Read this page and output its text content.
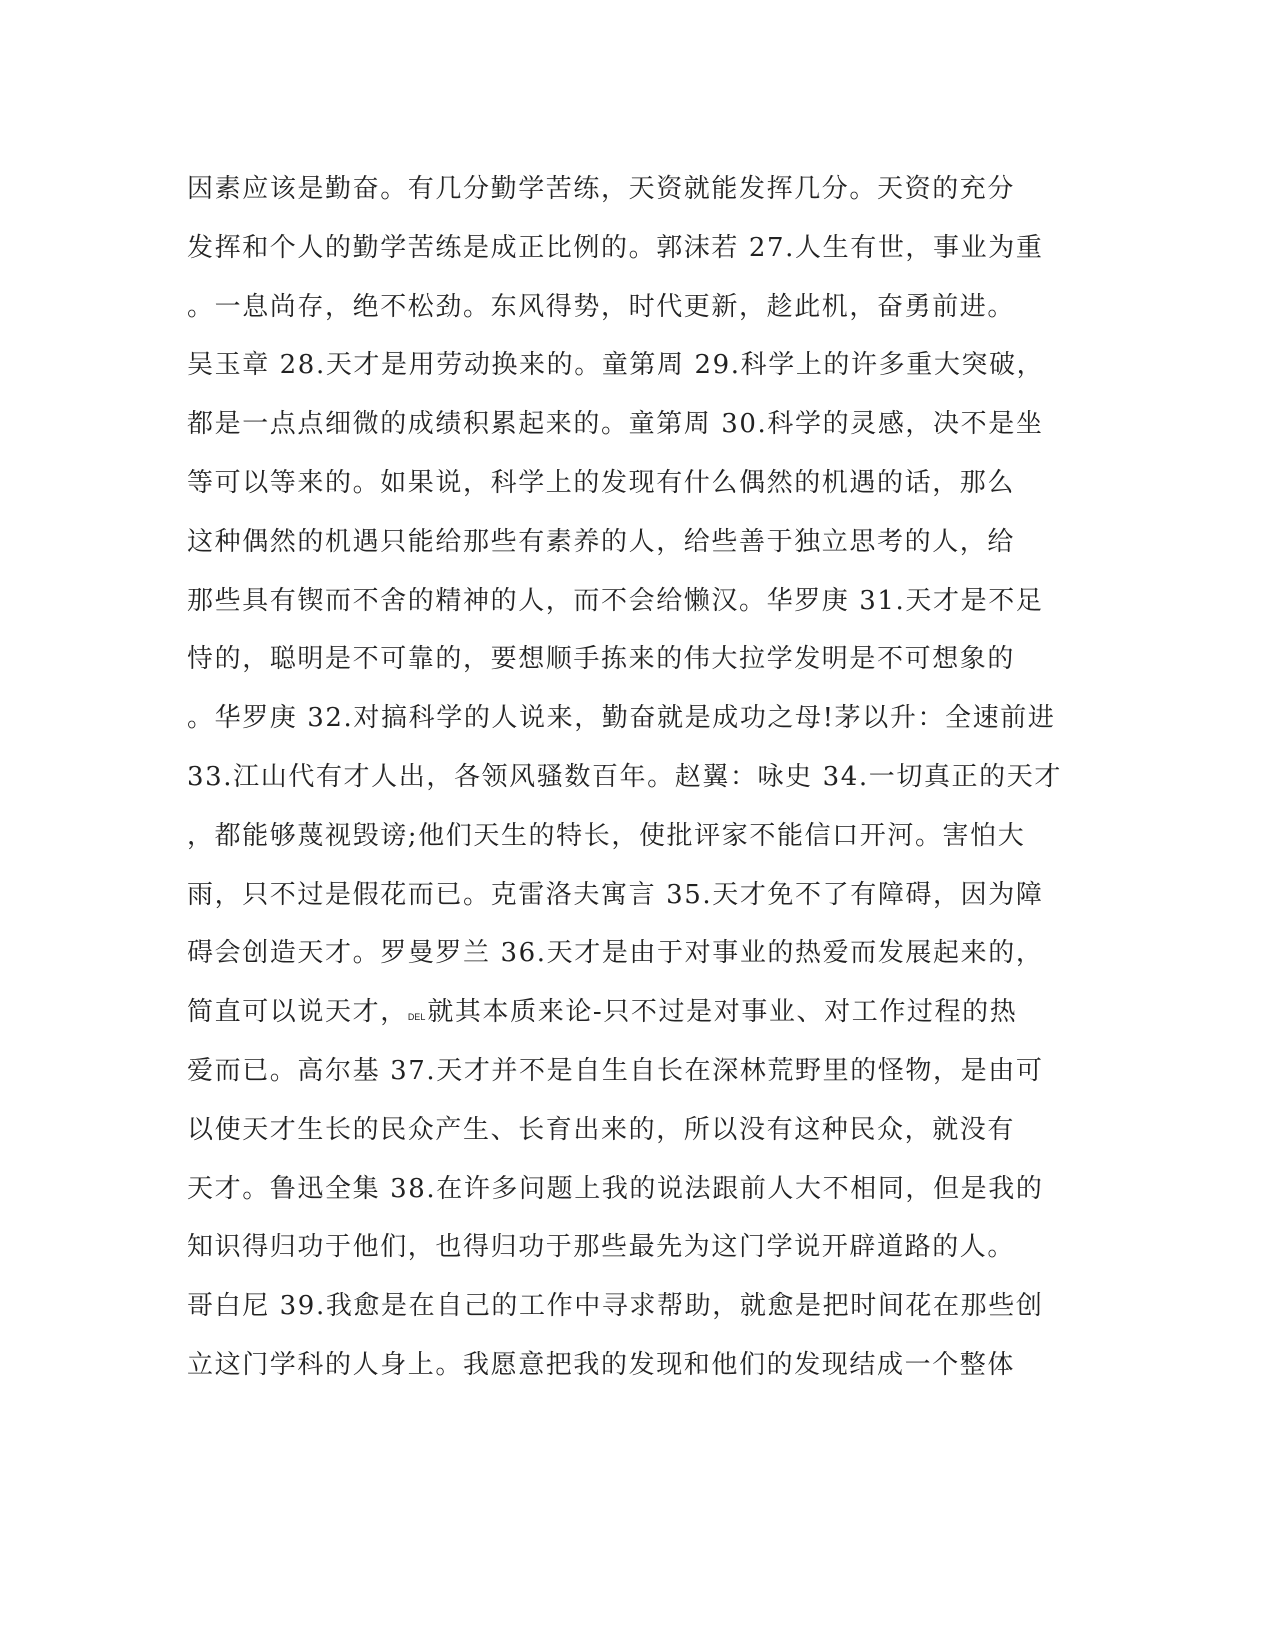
因素应该是勤奋。有几分勤学苦练，天资就能发挥几分。天资的充分
发挥和个人的勤学苦练是成正比例的。郭沫若 27.人生有世，事业为重
。一息尚存，绝不松劲。东风得势，时代更新，趁此机，奋勇前进。
吴玉章 28.天才是用劳动换来的。童第周 29.科学上的许多重大突破，
都是一点点细微的成绩积累起来的。童第周 30.科学的灵感，决不是坐
等可以等来的。如果说，科学上的发现有什么偶然的机遇的话，那么
这种偶然的机遇只能给那些有素养的人，给些善于独立思考的人，给
那些具有锲而不舍的精神的人，而不会给懒汉。华罗庚 31.天才是不足
恃的，聪明是不可靠的，要想顺手拣来的伟大拉学发明是不可想象的
。华罗庚 32.对搞科学的人说来，勤奋就是成功之母!茅以升：全速前进
33.江山代有才人出，各领风骚数百年。赵翼：咏史 34.一切真正的天才
，都能够蔑视毁谤;他们天生的特长，使批评家不能信口开河。害怕大
雨，只不过是假花而已。克雷洛夫寓言 35.天才免不了有障碍，因为障
碍会创造天才。罗曼罗兰 36.天才是由于对事业的热爱而发展起来的，
简直可以说天才，DEL就其本质来论-只不过是对事业、对工作过程的热
爱而已。高尔基 37.天才并不是自生自长在深林荒野里的怪物，是由可
以使天才生长的民众产生、长育出来的，所以没有这种民众，就没有
天才。鲁迅全集 38.在许多问题上我的说法跟前人大不相同，但是我的
知识得归功于他们，也得归功于那些最先为这门学说开辟道路的人。
哥白尼 39.我愈是在自己的工作中寻求帮助，就愈是把时间花在那些创
立这门学科的人身上。我愿意把我的发现和他们的发现结成一个整体
